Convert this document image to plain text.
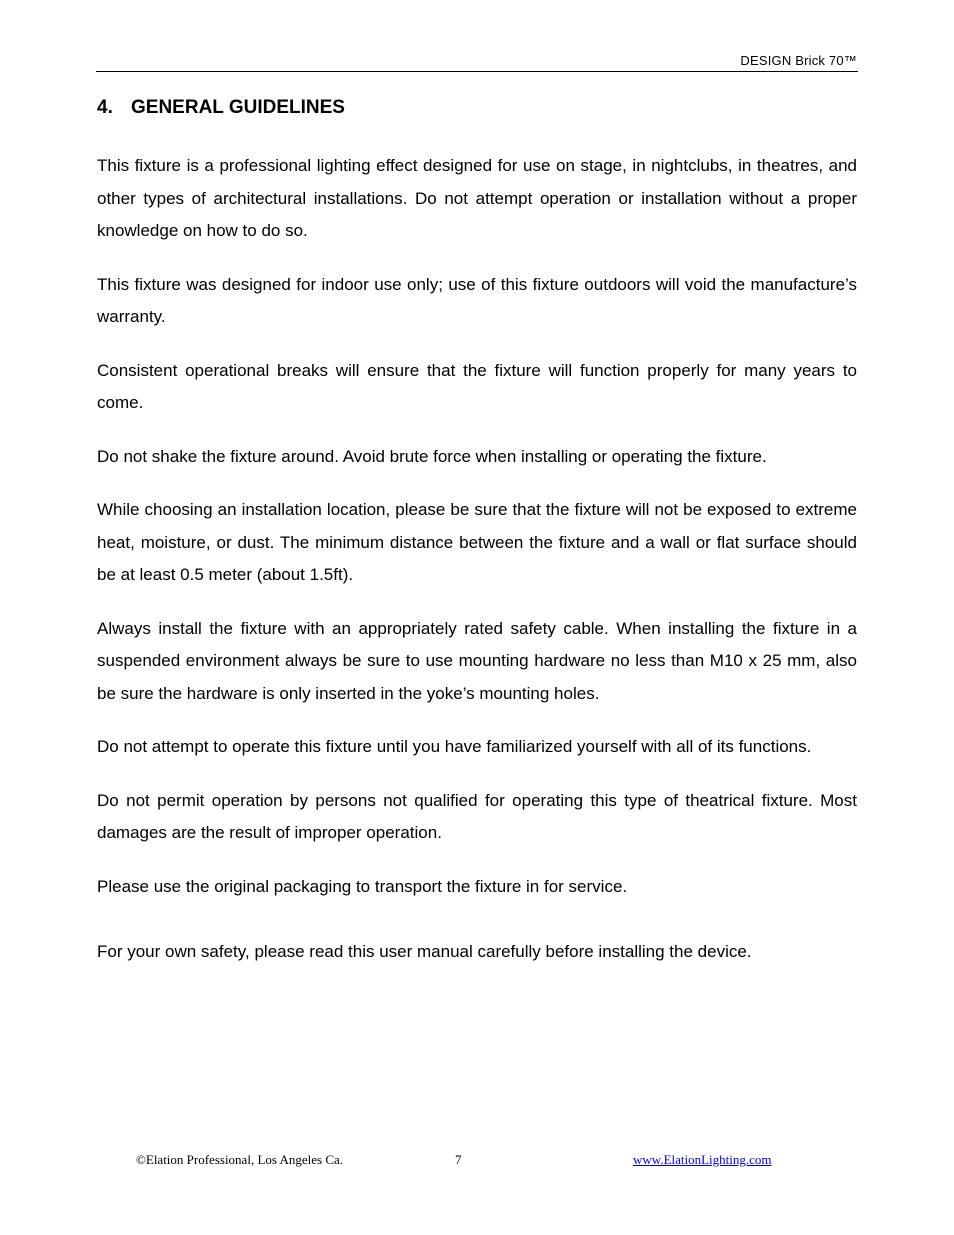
DESIGN Brick 70™
4. GENERAL GUIDELINES

This fixture is a professional lighting effect designed for use on stage, in nightclubs, in theatres, and other types of architectural installations. Do not attempt operation or installation without a proper knowledge on how to do so.

This fixture was designed for indoor use only; use of this fixture outdoors will void the manufacture’s warranty.

Consistent operational breaks will ensure that the fixture will function properly for many years to come.

Do not shake the fixture around. Avoid brute force when installing or operating the fixture.

While choosing an installation location, please be sure that the fixture will not be exposed to extreme heat, moisture, or dust. The minimum distance between the fixture and a wall or flat surface should be at least 0.5 meter (about 1.5ft).

Always install the fixture with an appropriately rated safety cable. When installing the fixture in a suspended environment always be sure to use mounting hardware no less than M10 x 25 mm, also be sure the hardware is only inserted in the yoke’s mounting holes.

Do not attempt to operate this fixture until you have familiarized yourself with all of its functions.

Do not permit operation by persons not qualified for operating this type of theatrical fixture. Most damages are the result of improper operation.

Please use the original packaging to transport the fixture in for service.

For your own safety, please read this user manual carefully before installing the device.

©Elation Professional, Los Angeles Ca.	7	www.ElationLighting.com
